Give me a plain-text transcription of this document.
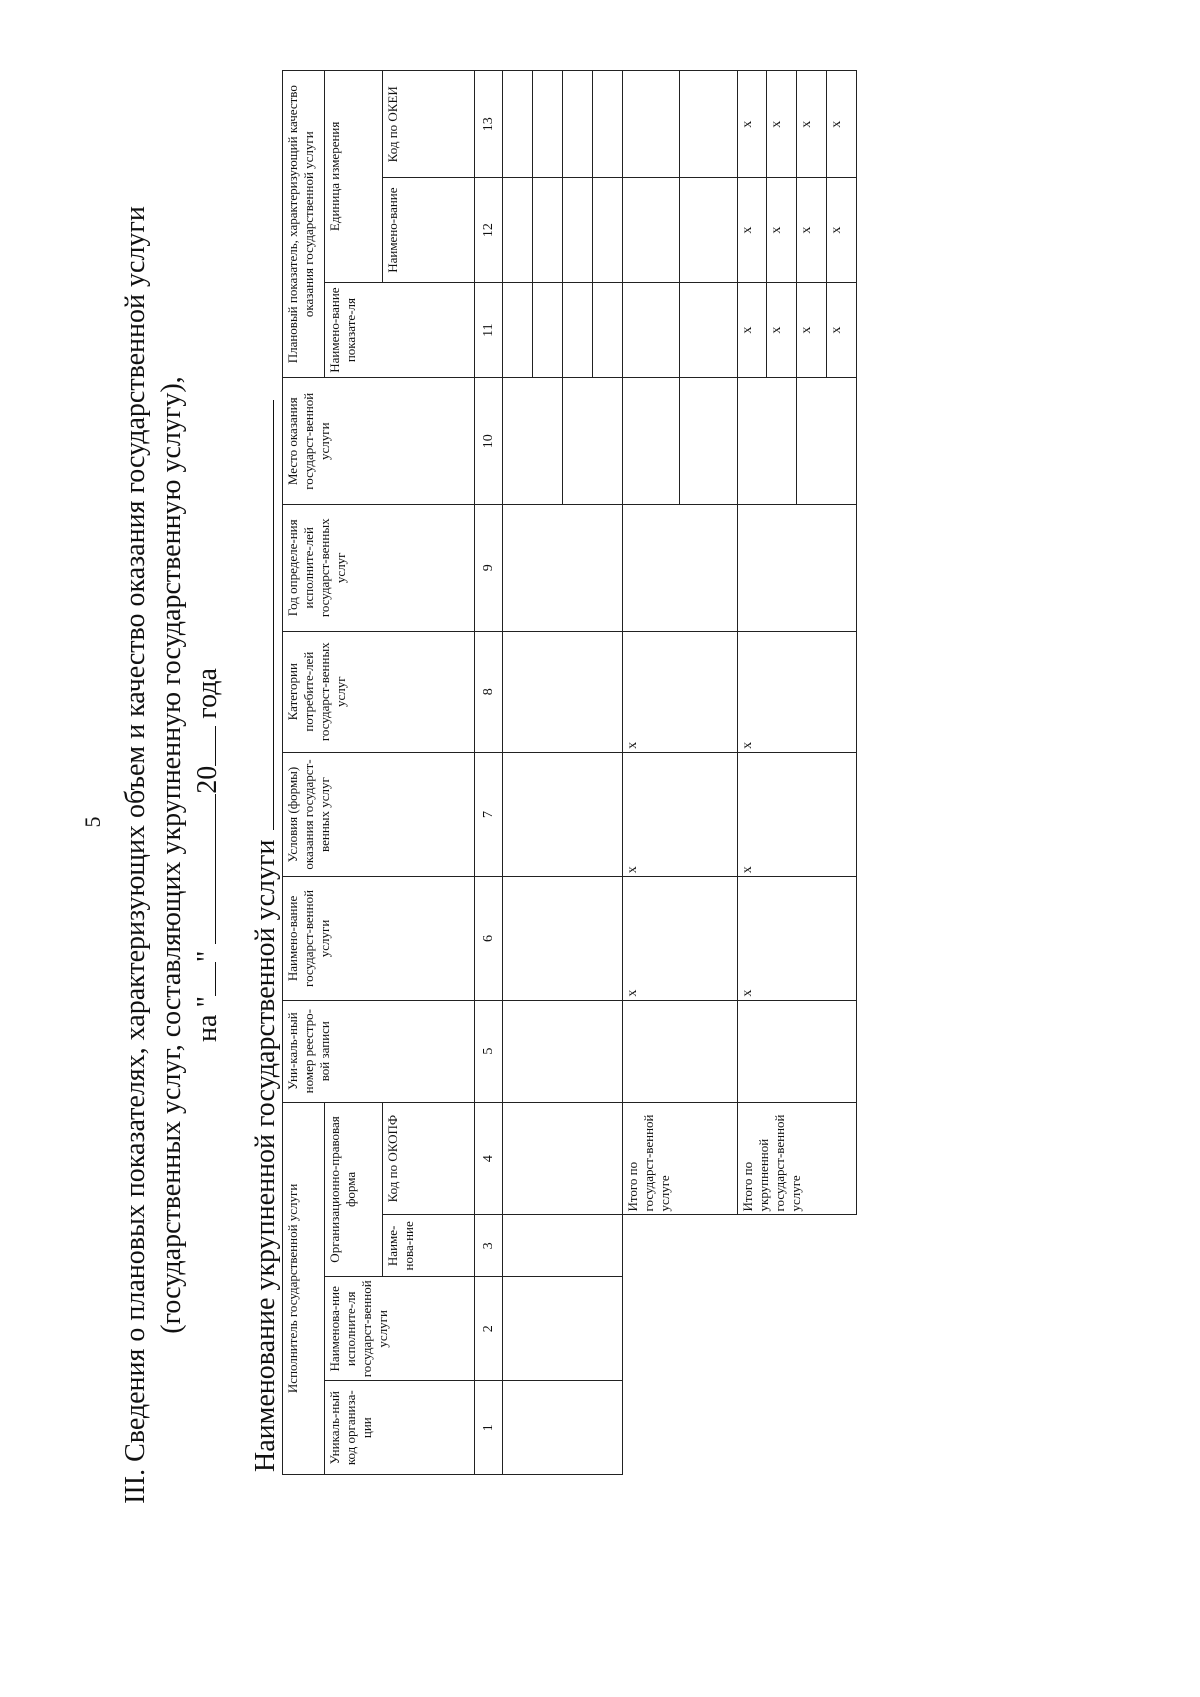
5 III. Сведения о плановых показателях, характеризующих объем и качество оказания государственной услуги (государственных услуг, составляющих укрупненную государственную услугу), на "" 20 года
Наименование укрупненной государственной услуги Исполнитель государственной услуги				Уни-каль-ный номер реестро-вой записи	Наимено-вание государст-венной услуги	Условия (формы) оказания государст-венных услуг	Категории потребите-лей государст-венных услуг	Год определе-ния исполните-лей государст-венных услуг	Место оказания государст-венной услуги	Плановый показатель, характеризующий качество оказания государственной услуги		
Уникаль-ный код организа-ции	Наименова-ние исполните-ля государст-венной услуги	Организационно-правовая форма								Наимено-вание показате-ля	Единица измерения	
		Наиме-нова-ние	Код по ОКОПФ								Наимено-вание	Код по ОКЕИ
1	2	3	4	5	6	7	8	9	10	11	12	13

			Итого по государст-венной услуге		x	x	x					

			Итого по укрупненной государст-венной услуге		x	x	x			x	x	x
										x	x	x
										x	x	x
										x	x	x
